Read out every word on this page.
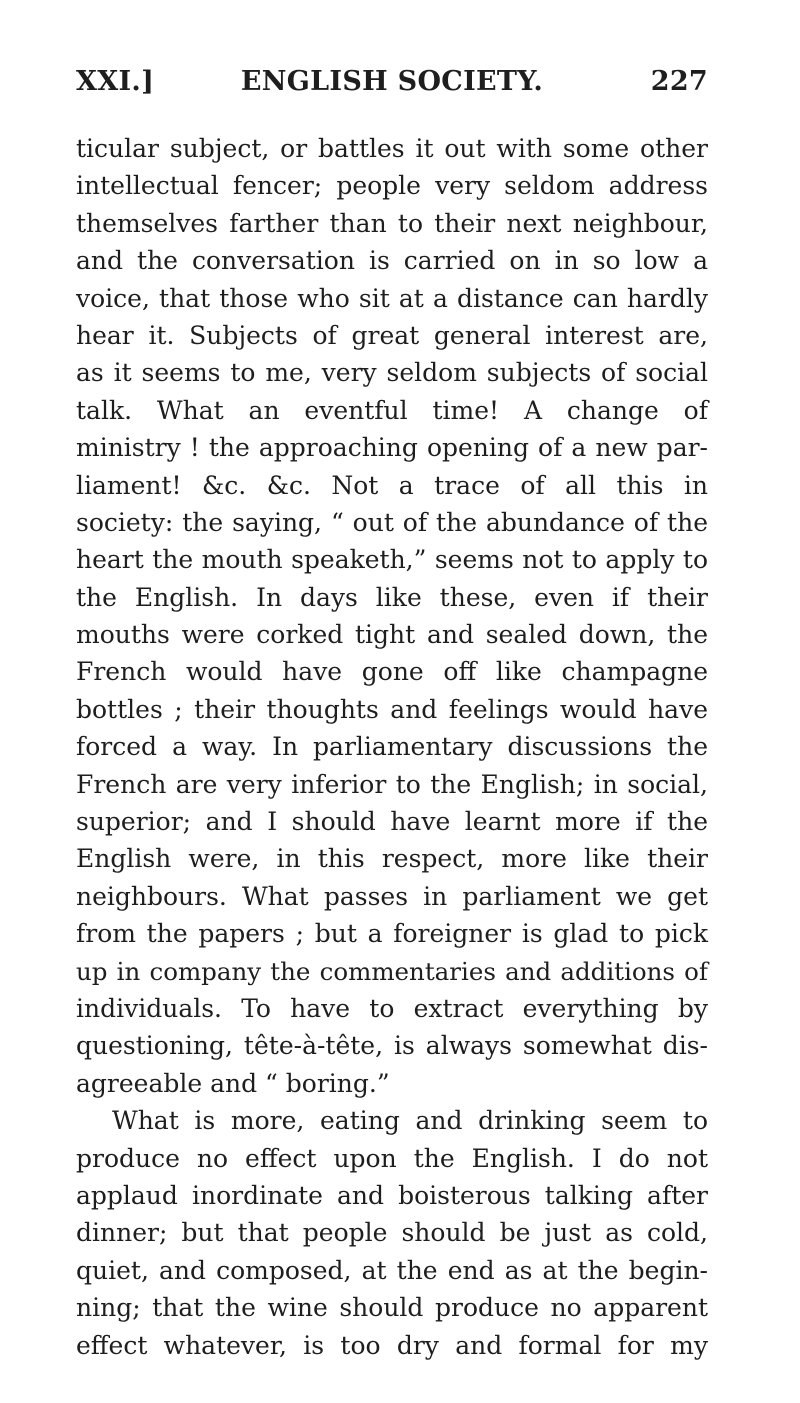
XXI.]	ENGLISH SOCIETY.	227
ticular subject, or battles it out with some other
intellectual fencer; people very seldom address
themselves farther than to their next neighbour,
and the conversation is carried on in so low a
voice, that those who sit at a distance can hardly
hear it. Subjects of great general interest are,
as it seems to me, very seldom subjects of social
talk. What an eventful time! A change of
ministry ! the approaching opening of a new par-
liament! &c. &c. Not a trace of all this in
society: the saying, “ out of the abundance of the
heart the mouth speaketh,” seems not to apply to
the English. In days like these, even if their
mouths were corked tight and sealed down, the
French would have gone off like champagne
bottles ; their thoughts and feelings would have
forced a way. In parliamentary discussions the
French are very inferior to the English; in social,
superior; and I should have learnt more if the
English were, in this respect, more like their
neighbours. What passes in parliament we get
from the papers ; but a foreigner is glad to pick
up in company the commentaries and additions of
individuals. To have to extract everything by
questioning, tête-à-tête, is always somewhat dis-
agreeable and “ boring.”
What is more, eating and drinking seem to
produce no effect upon the English. I do not
applaud inordinate and boisterous talking after
dinner; but that people should be just as cold,
quiet, and composed, at the end as at the begin-
ning; that the wine should produce no apparent
effect whatever, is too dry and formal for my
